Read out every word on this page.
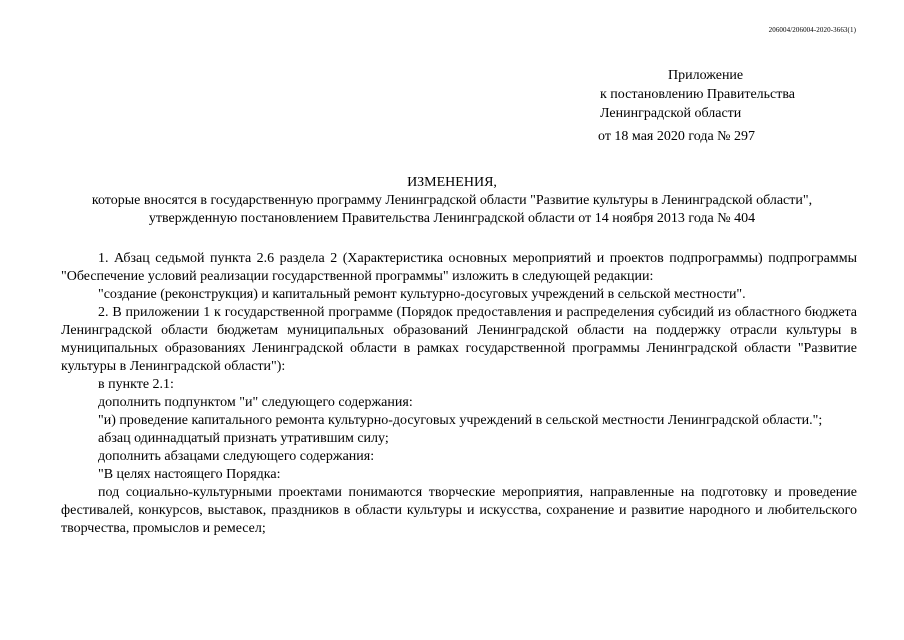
206004/206004-2020-3663(1)
Приложение
к постановлению Правительства
Ленинградской области
от 18 мая 2020 года № 297
ИЗМЕНЕНИЯ,
которые вносятся в государственную программу Ленинградской области "Развитие культуры в Ленинградской области",
утвержденную постановлением Правительства Ленинградской области от 14 ноября 2013 года № 404

1. Абзац седьмой пункта 2.6 раздела 2 (Характеристика основных мероприятий и проектов подпрограммы) подпрограммы "Обеспечение условий реализации государственной программы" изложить в следующей редакции:

"создание (реконструкция) и капитальный ремонт культурно-досуговых учреждений в сельской местности".

2. В приложении 1 к государственной программе (Порядок предоставления и распределения субсидий из областного бюджета Ленинградской области бюджетам муниципальных образований Ленинградской области на поддержку отрасли культуры в муниципальных образованиях Ленинградской области в рамках государственной программы Ленинградской области "Развитие культуры в Ленинградской области"):

в пункте 2.1:

дополнить подпунктом "и" следующего содержания:

"и) проведение капитального ремонта культурно-досуговых учреждений в сельской местности Ленинградской области.";

абзац одиннадцатый признать утратившим силу;

дополнить абзацами следующего содержания:

"В целях настоящего Порядка:

под социально-культурными проектами понимаются творческие мероприятия, направленные на подготовку и проведение фестивалей, конкурсов, выставок, праздников в области культуры и искусства, сохранение и развитие народного и любительского творчества, промыслов и ремесел;
